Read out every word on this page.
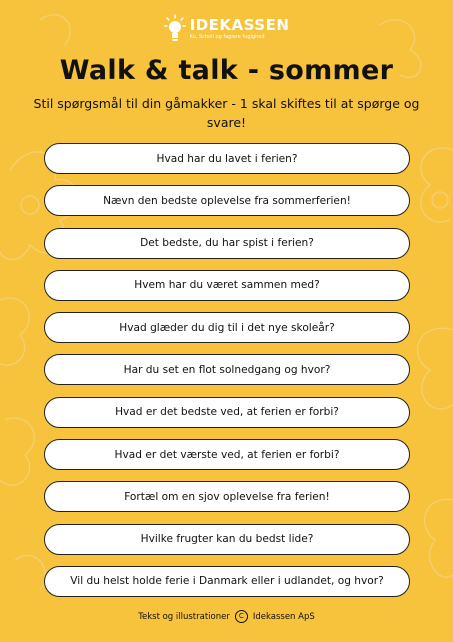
IDEKASSEN
Ku, Scholl og faglere fugighed
Walk & talk - sommer
Stil spørgsmål til din gåmakker - 1 skal skiftes til at spørge og svare!
Hvad har du lavet i ferien?
Nævn den bedste oplevelse fra sommerferien!
Det bedste, du har spist i ferien?
Hvem har du været sammen med?
Hvad glæder du dig til i det nye skoleår?
Har du set en flot solnedgang og hvor?
Hvad er det bedste ved, at ferien er forbi?
Hvad er det værste ved, at ferien er forbi?
Fortæl om en sjov oplevelse fra ferien!
Hvilke frugter kan du bedst lide?
Vil du helst holde ferie i Danmark eller i udlandet, og hvor?
Tekst og illustrationer	C	Idekassen ApS
